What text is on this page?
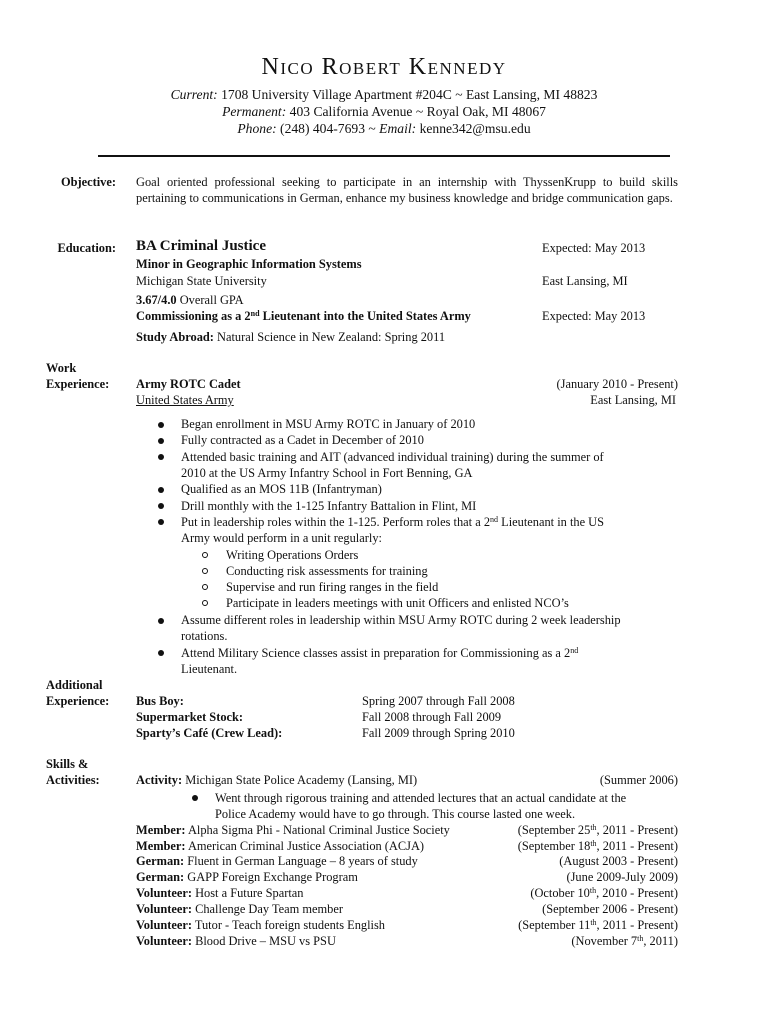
Nico Robert Kennedy
Current: 1708 University Village Apartment #204C ~ East Lansing, MI 48823
Permanent: 403 California Avenue ~ Royal Oak, MI 48067
Phone: (248) 404-7693 ~ Email: kenne342@msu.edu
Objective: Goal oriented professional seeking to participate in an internship with ThyssenKrupp to build skills pertaining to communications in German, enhance my business knowledge and bridge communication gaps.
Education: BA Criminal Justice	Expected: May 2013
Minor in Geographic Information Systems
Michigan State University	East Lansing, MI
3.67/4.0 Overall GPA
Commissioning as a 2nd Lieutenant into the United States Army	Expected: May 2013
Study Abroad: Natural Science in New Zealand: Spring 2011
Work
Experience: Army ROTC Cadet	(January 2010 - Present)
United States Army	East Lansing, MI
Began enrollment in MSU Army ROTC in January of 2010
Fully contracted as a Cadet in December of 2010
Attended basic training and AIT (advanced individual training) during the summer of
2010 at the US Army Infantry School in Fort Benning, GA
Qualified as an MOS 11B (Infantryman)
Drill monthly with the 1-125 Infantry Battalion in Flint, MI
Put in leadership roles within the 1-125. Perform roles that a 2nd Lieutenant in the US
Army would perform in a unit regularly:
Writing Operations Orders
Conducting risk assessments for training
Supervise and run firing ranges in the field
Participate in leaders meetings with unit Officers and enlisted NCO’s
Assume different roles in leadership within MSU Army ROTC during 2 week leadership
rotations.
Attend Military Science classes assist in preparation for Commissioning as a 2nd
Lieutenant.
Additional
Experience: Bus Boy:	Spring 2007 through Fall 2008
Supermarket Stock:	Fall 2008 through Fall 2009
Sparty’s Café (Crew Lead):	Fall 2009 through Spring 2010
Skills &
Activities:	Activity: Michigan State Police Academy (Lansing, MI)	(Summer 2006)
Went through rigorous training and attended lectures that an actual candidate at the
Police Academy would have to go through. This course lasted one week.
Member: Alpha Sigma Phi - National Criminal Justice Society	(September 25th, 2011 - Present)
Member: American Criminal Justice Association (ACJA)	(September 18th, 2011 - Present)
German: Fluent in German Language – 8 years of study	(August 2003 - Present)
German: GAPP Foreign Exchange Program	(June 2009-July 2009)
Volunteer: Host a Future Spartan	(October 10th, 2010 - Present)
Volunteer: Challenge Day Team member	(September 2006 - Present)
Volunteer: Tutor - Teach foreign students English	(September 11th, 2011 - Present)
Volunteer: Blood Drive – MSU vs PSU	(November 7th, 2011)
